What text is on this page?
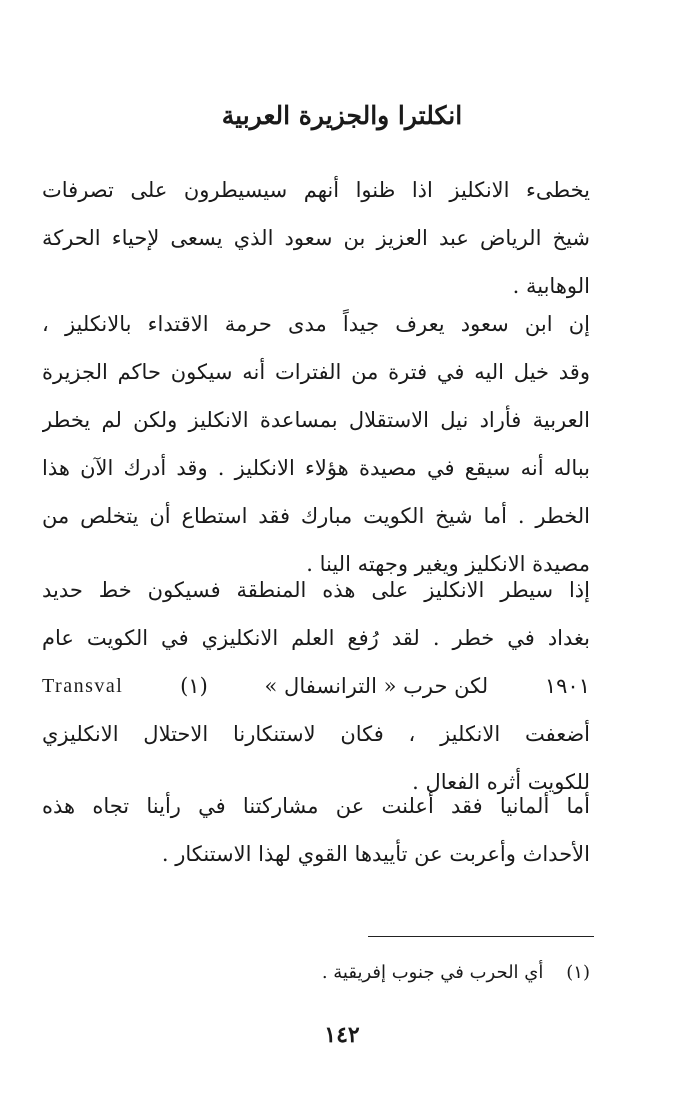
انكلترا والجزيرة العربية
يخطىء الانكليز اذا ظنوا أنهم سيسيطرون على تصرفات
شيخ الرياض عبد العزيز بن سعود الذي يسعى لإحياء الحركة
الوهابية .
إن ابن سعود يعرف جيداً مدى حرمة الاقتداء بالانكليز ،
وقد خيل اليه في فترة من الفترات أنه سيكون حاكم الجزيرة
العربية فأراد نيل الاستقلال بمساعدة الانكليز ولكن لم يخطر
بباله أنه سيقع في مصيدة هؤلاء الانكليز . وقد أدرك الآن هذا
الخطر . أما شيخ الكويت مبارك فقد استطاع أن يتخلص من
مصيدة الانكليز ويغير وجهته الينا .
إذا سيطر الانكليز على هذه المنطقة فسيكون خط حديد
بغداد في خطر . لقد رُفع العلم الانكليزي في الكويت عام
١٩٠١
لكن حرب « الترانسفال »
(١)
Transval
أضعفت الانكليز ، فكان لاستنكارنا الاحتلال الانكليزي
للكويت أثره الفعال .
أما ألمانيا فقد أعلنت عن مشاركتنا في رأينا تجاه هذه
الأحداث وأعربت عن تأييدها القوي لهذا الاستنكار .
(١)    أي الحرب في جنوب إفريقية .
١٤٢
